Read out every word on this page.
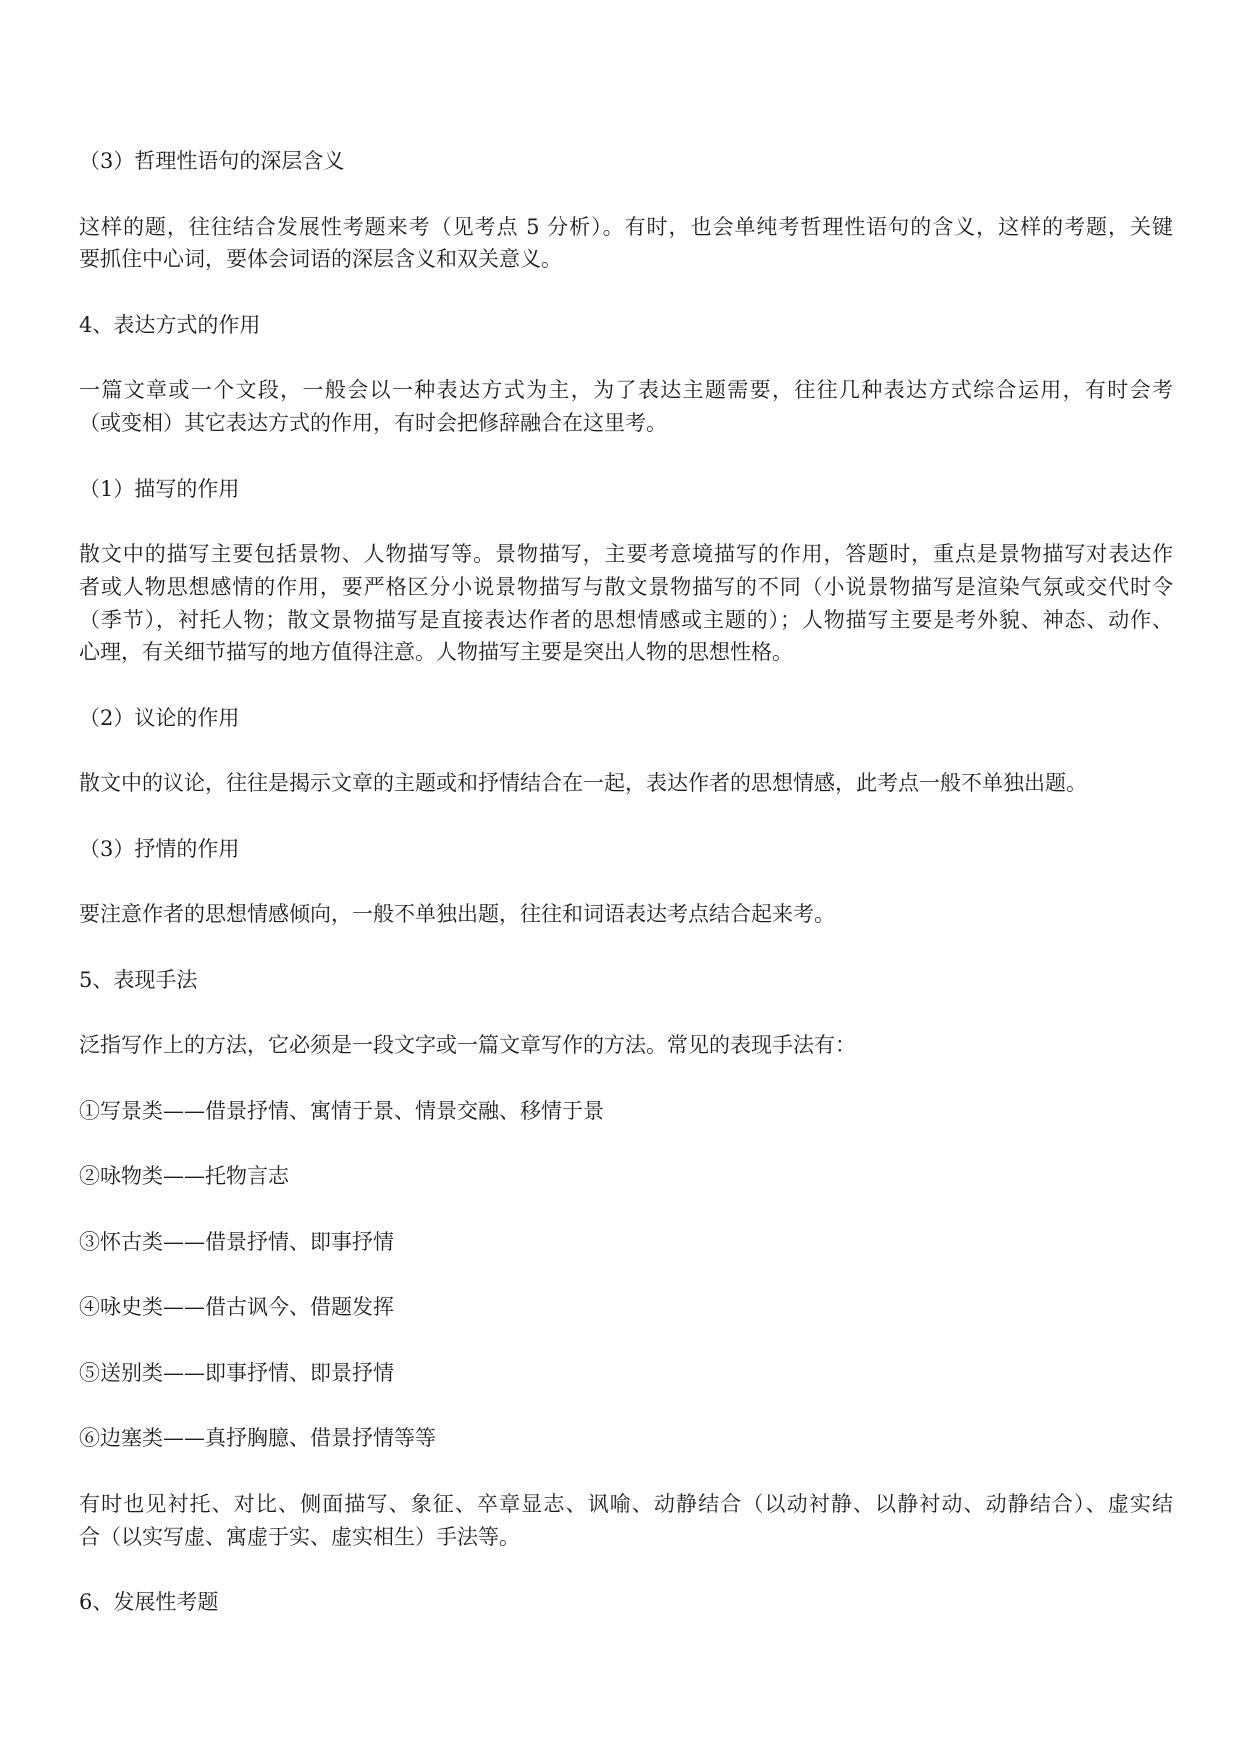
（3）哲理性语句的深层含义
这样的题，往往结合发展性考题来考（见考点 5 分析）。有时，也会单纯考哲理性语句的含义，这样的考题，关键
要抓住中心词，要体会词语的深层含义和双关意义。
4、表达方式的作用
一篇文章或一个文段，一般会以一种表达方式为主，为了表达主题需要，往往几种表达方式综合运用，有时会考
（或变相）其它表达方式的作用，有时会把修辞融合在这里考。
（1）描写的作用
散文中的描写主要包括景物、人物描写等。景物描写，主要考意境描写的作用，答题时，重点是景物描写对表达作
者或人物思想感情的作用，要严格区分小说景物描写与散文景物描写的不同（小说景物描写是渲染气氛或交代时令
（季节），衬托人物；散文景物描写是直接表达作者的思想情感或主题的）；人物描写主要是考外貌、神态、动作、
心理，有关细节描写的地方值得注意。人物描写主要是突出人物的思想性格。
（2）议论的作用
散文中的议论，往往是揭示文章的主题或和抒情结合在一起，表达作者的思想情感，此考点一般不单独出题。
（3）抒情的作用
要注意作者的思想情感倾向，一般不单独出题，往往和词语表达考点结合起来考。
5、表现手法
泛指写作上的方法，它必须是一段文字或一篇文章写作的方法。常见的表现手法有：
①写景类——借景抒情、寓情于景、情景交融、移情于景
②咏物类——托物言志
③怀古类——借景抒情、即事抒情
④咏史类——借古讽今、借题发挥
⑤送别类——即事抒情、即景抒情
⑥边塞类——真抒胸臆、借景抒情等等
有时也见衬托、对比、侧面描写、象征、卒章显志、讽喻、动静结合（以动衬静、以静衬动、动静结合）、虚实结
合（以实写虚、寓虚于实、虚实相生）手法等。
6、发展性考题
